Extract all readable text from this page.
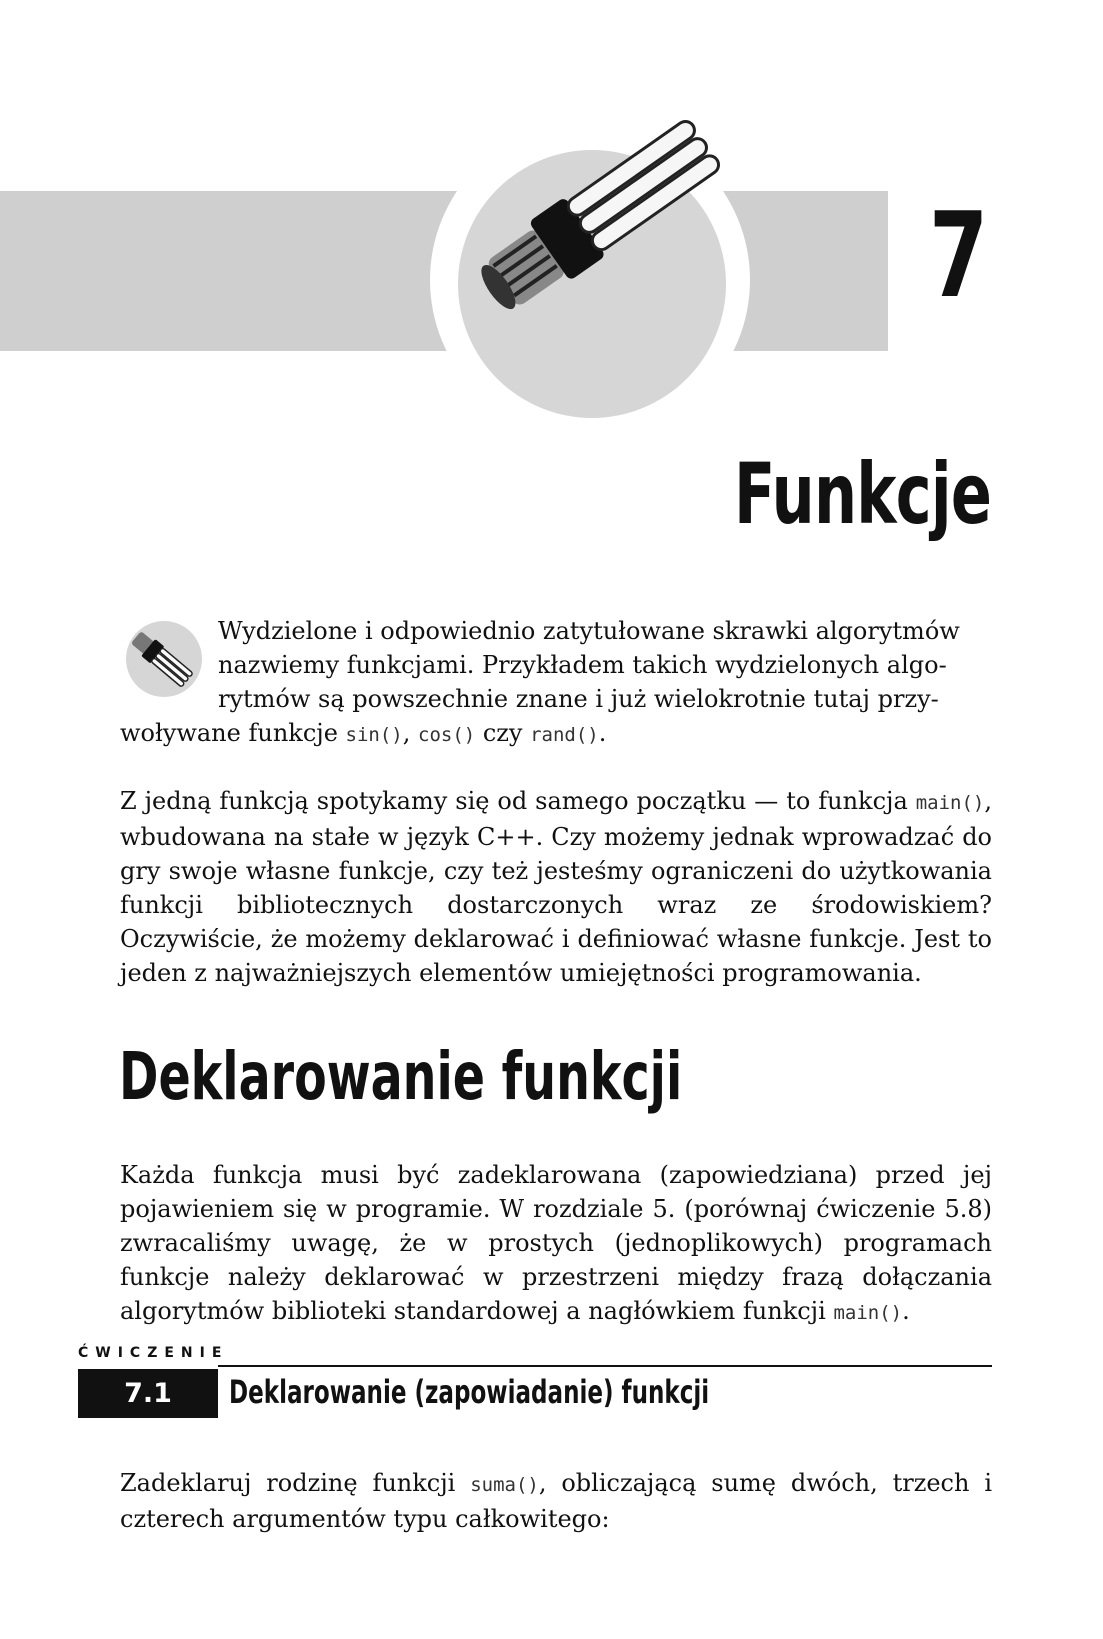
7
Funkcje

Wydzielone i odpowiednio zatytułowane skrawki algorytmów
nazwiemy funkcjami. Przykładem takich wydzielonych algo-
rytmów są powszechnie znane i już wielokrotnie tutaj przy-
woływane funkcje sin(), cos() czy rand().

Z jedną funkcją spotykamy się od samego początku — to funkcja main(), wbudowana na stałe w język C++. Czy możemy jednak wprowadzać do gry swoje własne funkcje, czy też jesteśmy ograniczeni do użytkowania funkcji bibliotecznych dostarczonych wraz ze środowiskiem? Oczywiście, że możemy deklarować i definiować własne funkcje. Jest to jeden z najważniejszych elementów umiejętności programowania.

Deklarowanie funkcji

Każda funkcja musi być zadeklarowana (zapowiedziana) przed jej pojawieniem się w programie. W rozdziale 5. (porównaj ćwiczenie 5.8) zwracaliśmy uwagę, że w prostych (jednoplikowych) programach funkcje należy deklarować w przestrzeni między frazą dołączania algorytmów biblioteki standardowej a nagłówkiem funkcji main().

ĆWICZENIE
7.1	Deklarowanie (zapowiadanie) funkcji

Zadeklaruj rodzinę funkcji suma(), obliczającą sumę dwóch, trzech i czterech argumentów typu całkowitego:
